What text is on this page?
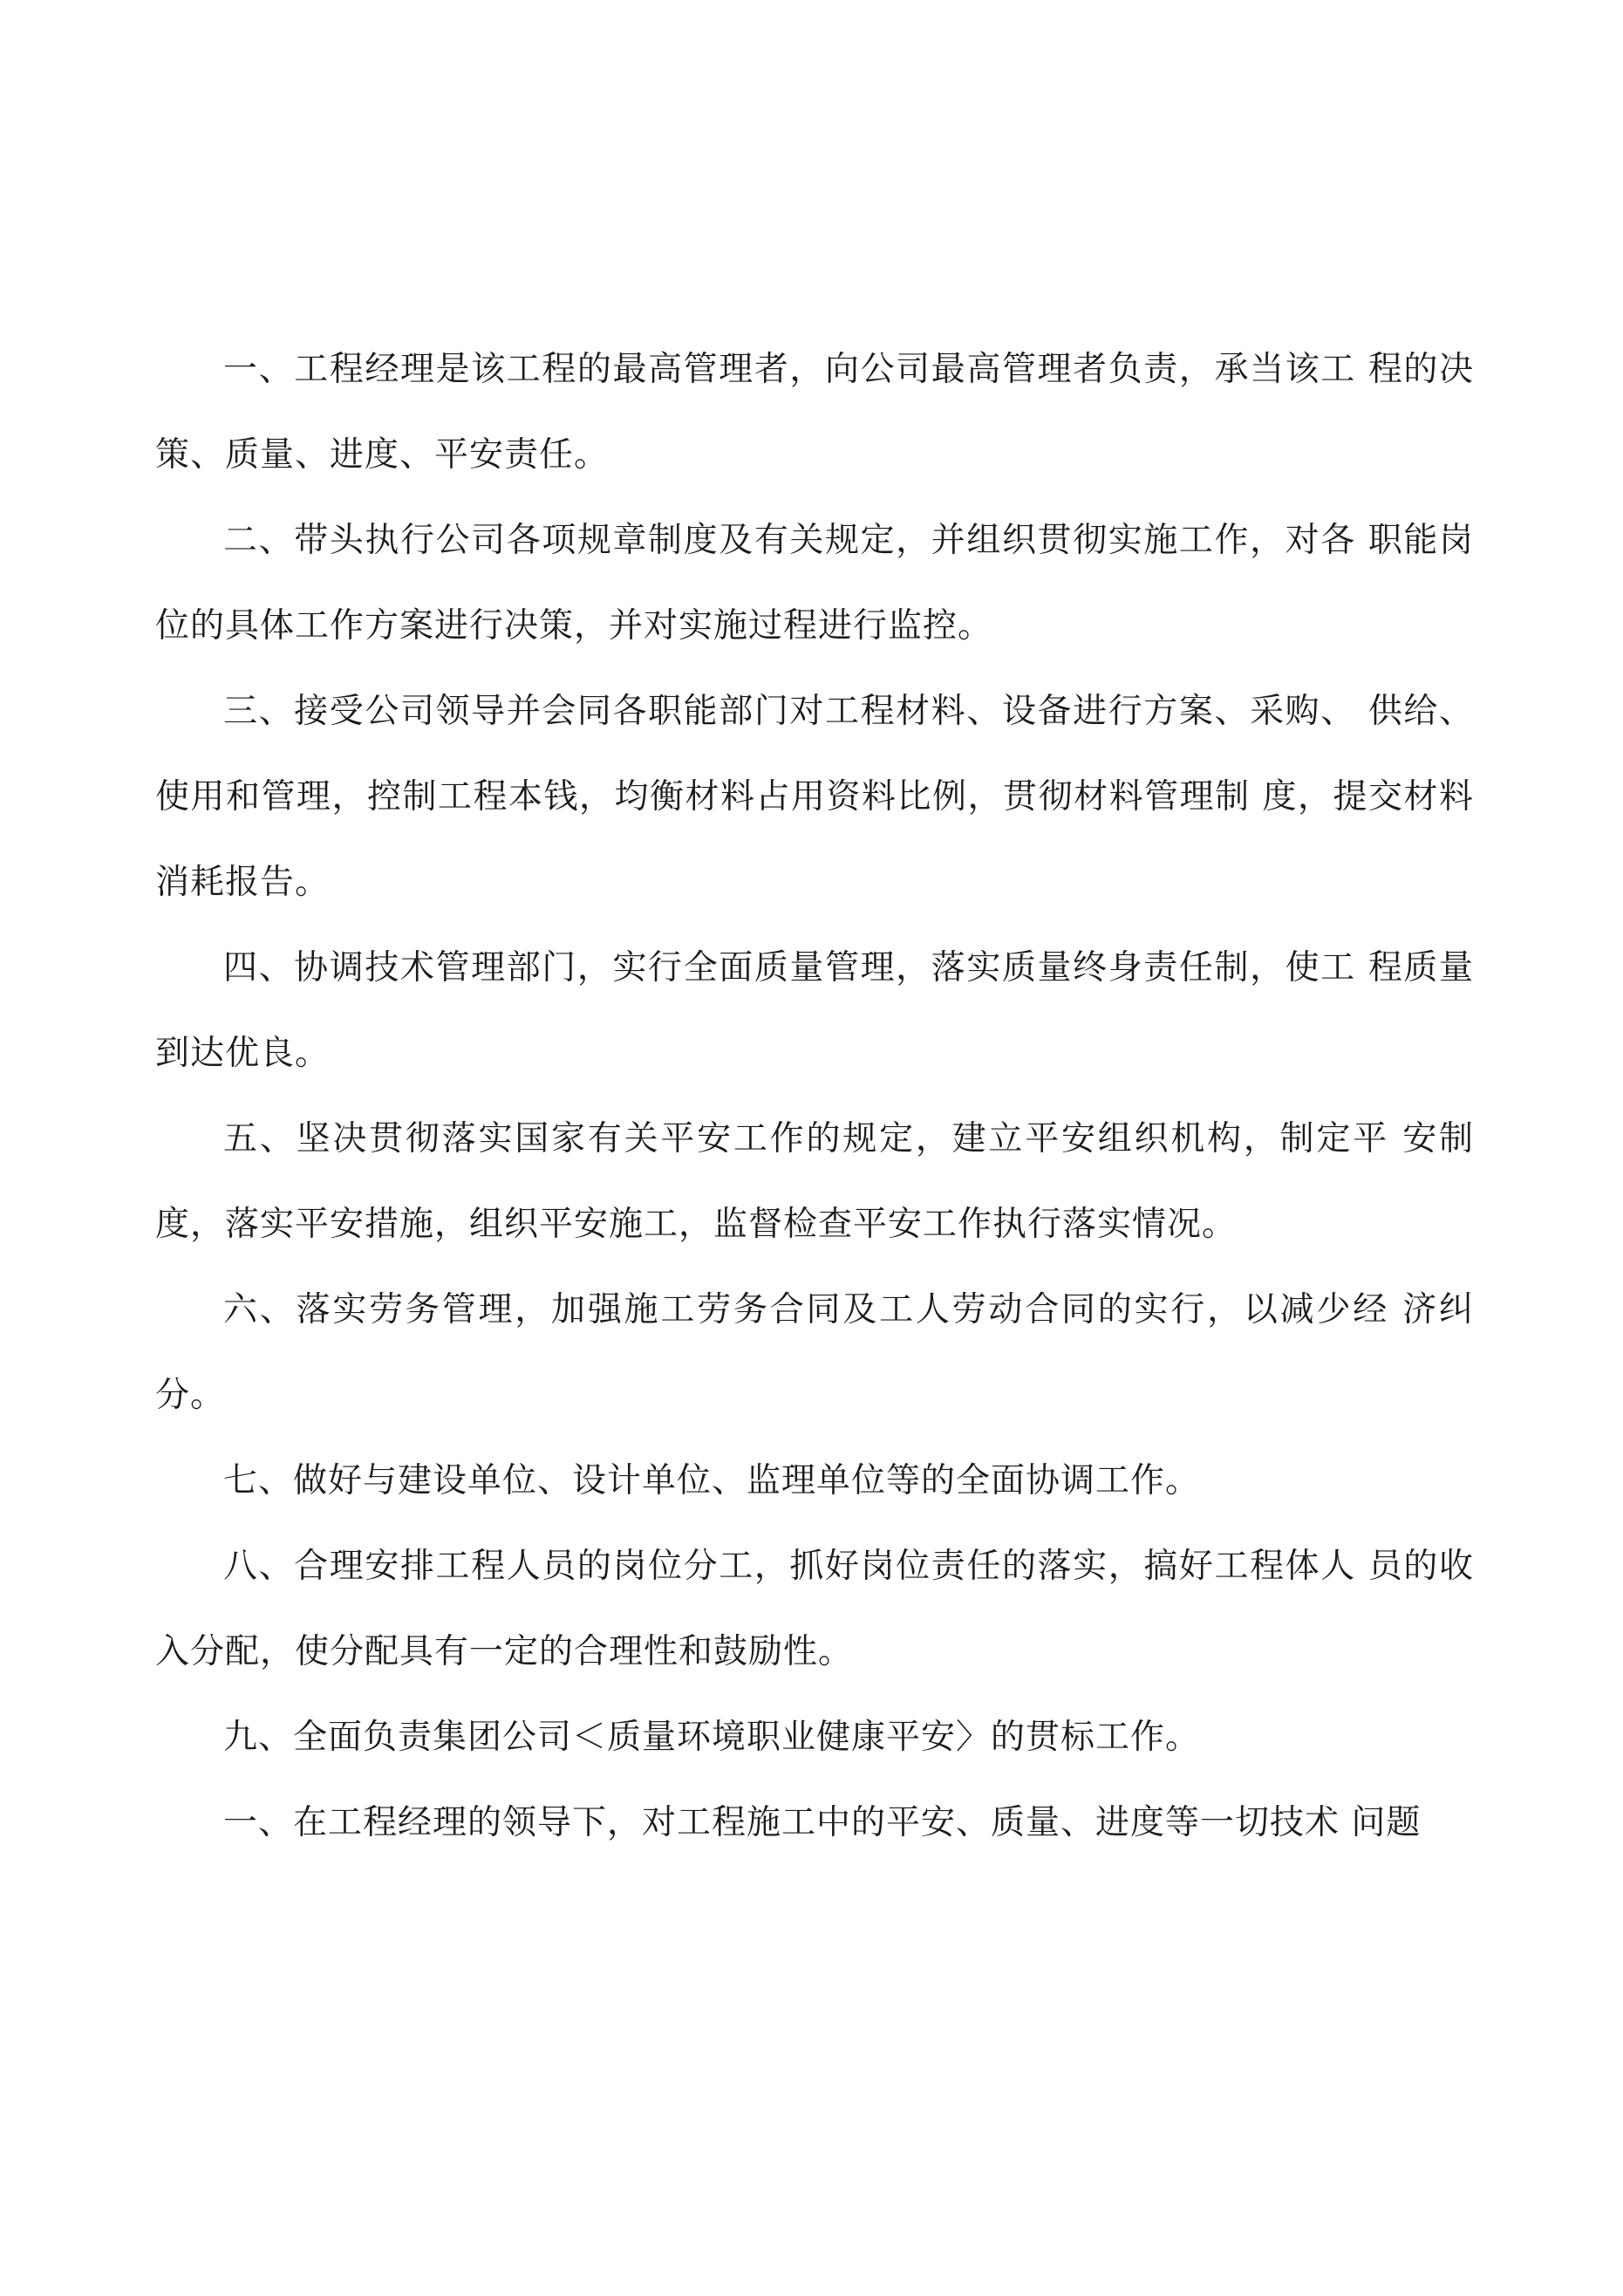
一、工程经理是该工程的最高管理者，向公司最高管理者负责，承当该工 程的决策、质量、进度、平安责任。

二、带头执行公司各项规章制度及有关规定，并组织贯彻实施工作，对各 职能岗位的具体工作方案进行决策，并对实施过程进行监控。

三、接受公司领导并会同各职能部门对工程材料、设备进行方案、采购、 供给、使用和管理，控制工程本钱，均衡材料占用资料比例，贯彻材料管理制 度，提交材料消耗报告。

四、协调技术管理部门，实行全面质量管理，落实质量终身责任制，使工 程质量到达优良。

五、坚决贯彻落实国家有关平安工作的规定，建立平安组织机构，制定平 安制度，落实平安措施，组织平安施工，监督检查平安工作执行落实情况。

六、落实劳务管理，加强施工劳务合同及工人劳动合同的实行，以减少经 济纠分。

七、做好与建设单位、设计单位、监理单位等的全面协调工作。

八、合理安排工程人员的岗位分工，抓好岗位责任的落实，搞好工程体人 员的收入分配，使分配具有一定的合理性和鼓励性。

九、全面负责集团公司＜质量环境职业健康平安〉的贯标工作。

一、在工程经理的领导下，对工程施工中的平安、质量、进度等一切技术 问题
